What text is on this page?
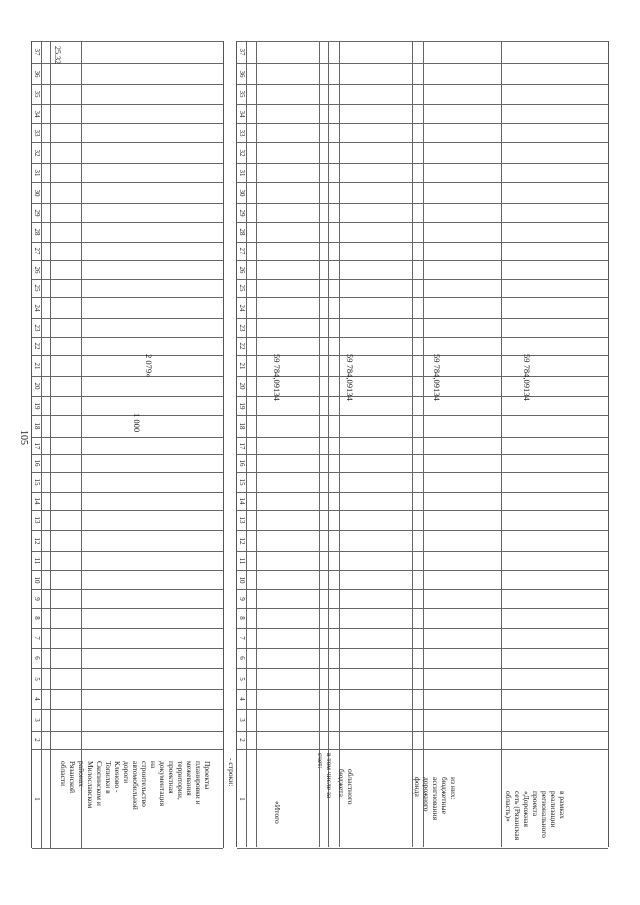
105
1
2
3
4
5
6
7
8
9
10
11
12
13
14
15
16
17
18
19
20
21
22
23
24
25
26
27
28
29
30
31
32
33
34
35
36
37 25.32
Проекты
планировки и
межевания
территории,
проектная
документация
на
строительство
автомобильной
дороги
Кленово -
Топилки в
Скопинском и
Милославском
районах
Рязанской
области
1 000
2 079»
- строки:
1
2
3
4
5
6
7
8
9
10
11
12
13
14
15
16
17
18
19
20
21
22
23
24
25
26
27
28
29
30
31
32
33
34
35
36
37
«Итого
59 784,09134
в том числе за
счет:
областного
бюджета
59 784,09134
из них:
бюджетные
ассигнования
дорожного
фонда
59 784,09134
в рамках
реализации
регионального
проекта
«Дорожная
сеть (Рязанская
область)»
59 784,09134
